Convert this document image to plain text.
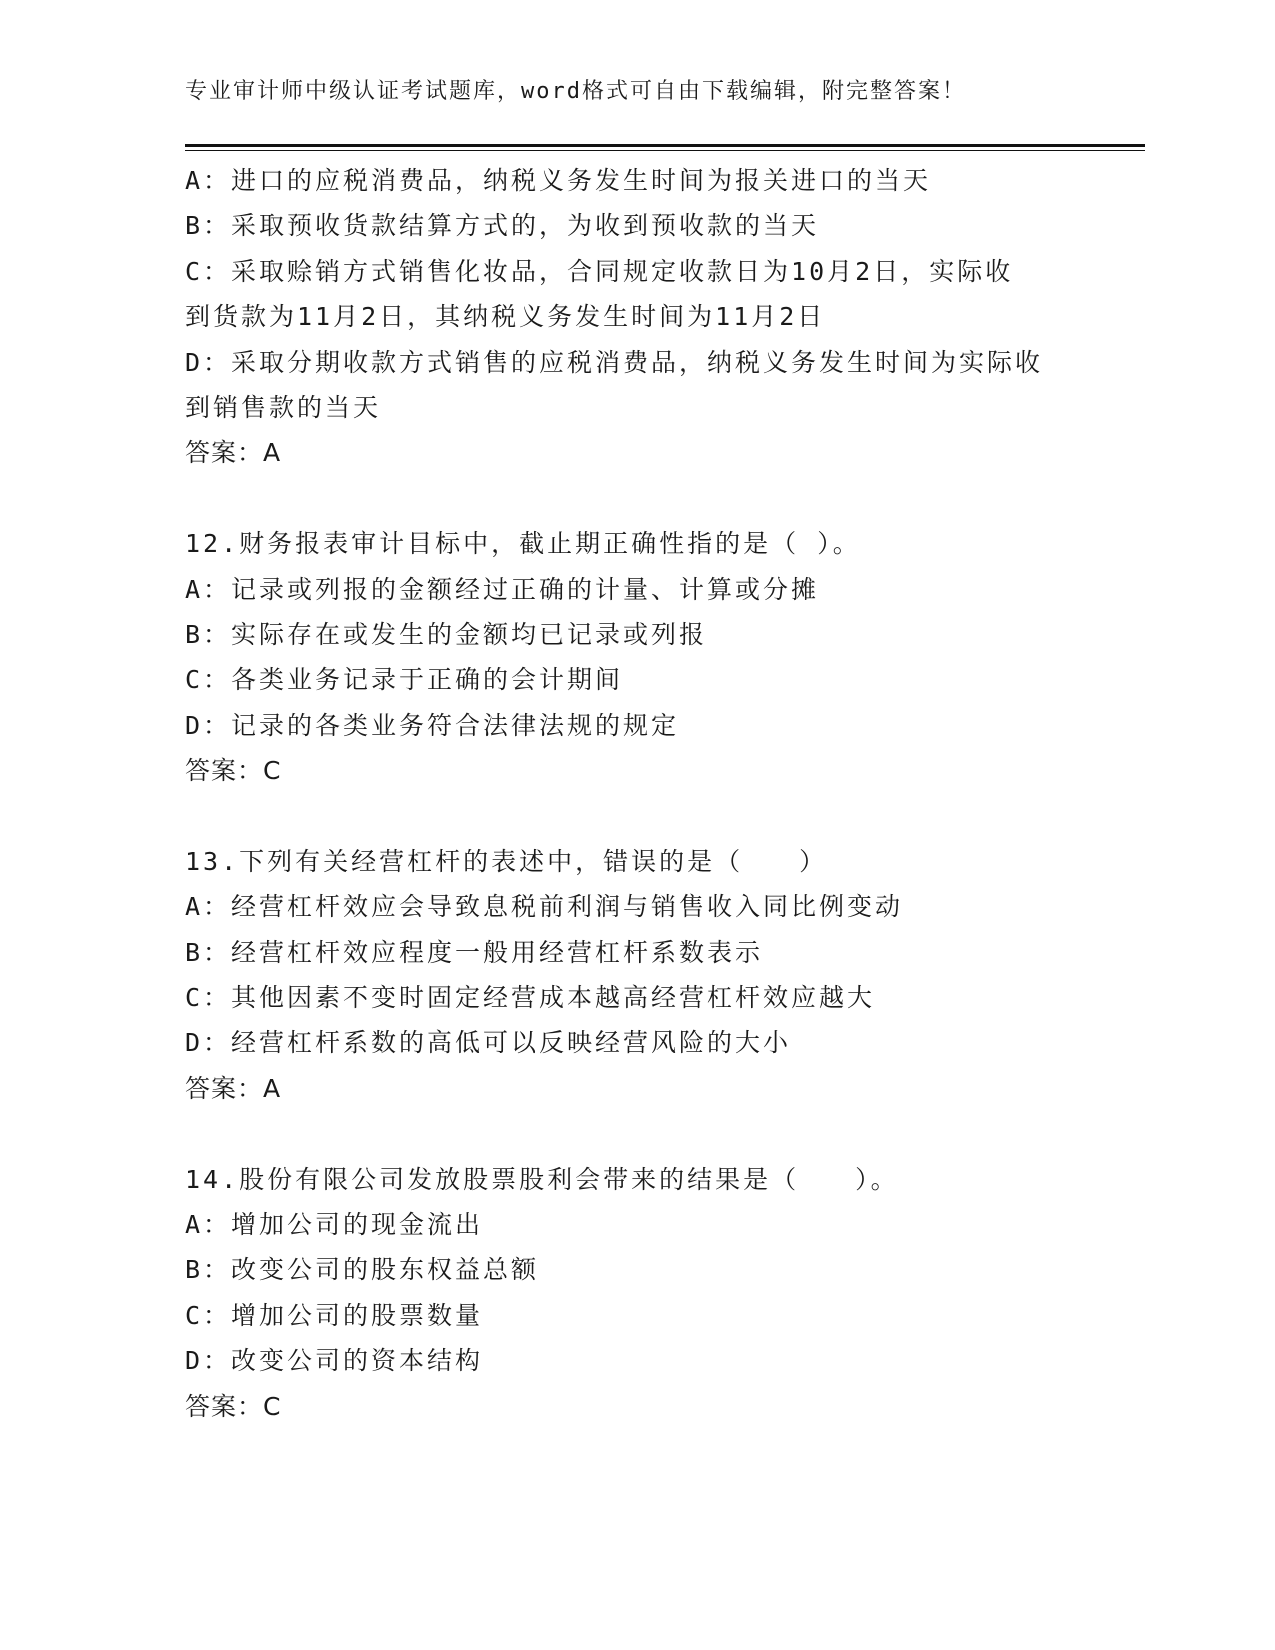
专业审计师中级认证考试题库，word格式可自由下载编辑，附完整答案！
A：进口的应税消费品，纳税义务发生时间为报关进口的当天
B：采取预收货款结算方式的，为收到预收款的当天
C：采取赊销方式销售化妆品，合同规定收款日为10月2日，实际收
到货款为11月2日，其纳税义务发生时间为11月2日
D：采取分期收款方式销售的应税消费品，纳税义务发生时间为实际收
到销售款的当天
答案：A
12.财务报表审计目标中，截止期正确性指的是（ ）。
A：记录或列报的金额经过正确的计量、计算或分摊
B：实际存在或发生的金额均已记录或列报
C：各类业务记录于正确的会计期间
D：记录的各类业务符合法律法规的规定
答案：C
13.下列有关经营杠杆的表述中，错误的是（　　）
A：经营杠杆效应会导致息税前利润与销售收入同比例变动
B：经营杠杆效应程度一般用经营杠杆系数表示
C：其他因素不变时固定经营成本越高经营杠杆效应越大
D：经营杠杆系数的高低可以反映经营风险的大小
答案：A
14.股份有限公司发放股票股利会带来的结果是（　　）。
A：增加公司的现金流出
B：改变公司的股东权益总额
C：增加公司的股票数量
D：改变公司的资本结构
答案：C
